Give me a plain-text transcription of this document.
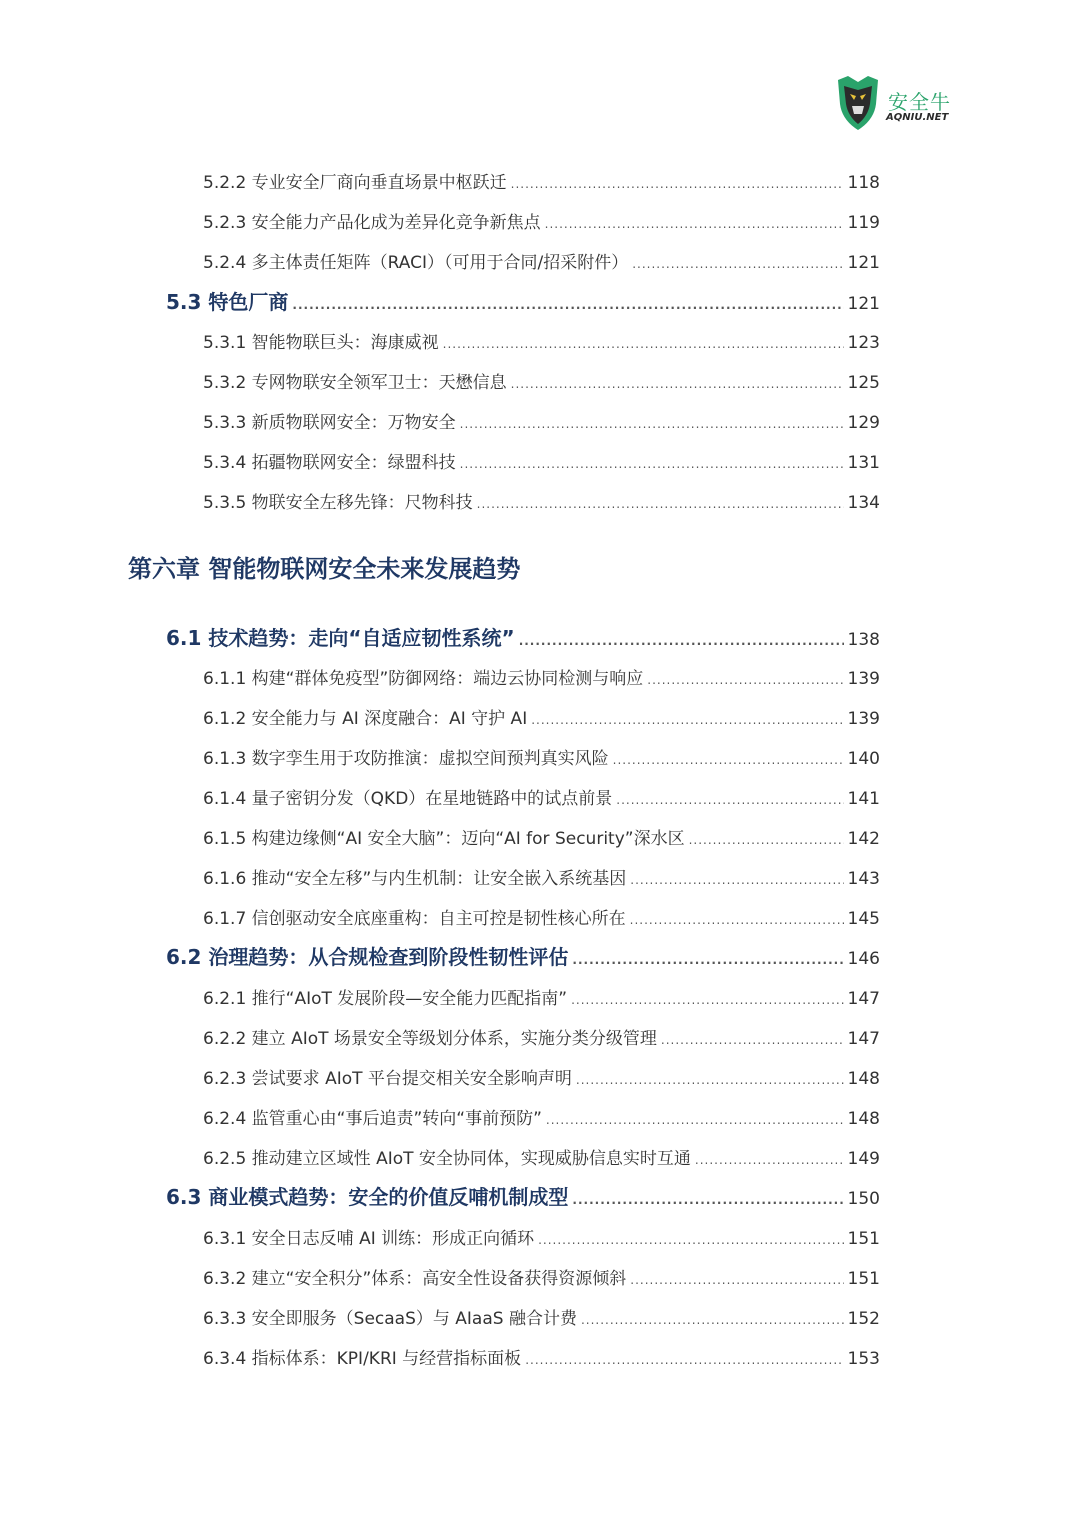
安全牛
AQNIU.NET
第六章 智能物联网安全未来发展趋势
5.2.2 专业安全厂商向垂直场景中枢跃迁 .....	118
5.2.3 安全能力产品化成为差异化竞争新焦点 .....	119
5.2.4 多主体责任矩阵（RACI）（可用于合同/招采附件） .....	121
5.3 特色厂商 .....	121
5.3.1 智能物联巨头：海康威视 .....	123
5.3.2 专网物联安全领军卫士：天懋信息 .....	125
5.3.3 新质物联网安全：万物安全 .....	129
5.3.4 拓疆物联网安全：绿盟科技 .....	131
5.3.5 物联安全左移先锋：尺物科技 .....	134
6.1 技术趋势：走向“自适应韧性系统” .....	138
6.1.1 构建“群体免疫型”防御网络：端边云协同检测与响应 .....	139
6.1.2 安全能力与 AI 深度融合：AI 守护 AI .....	139
6.1.3 数字孪生用于攻防推演：虚拟空间预判真实风险 .....	140
6.1.4 量子密钥分发（QKD）在星地链路中的试点前景 .....	141
6.1.5 构建边缘侧“AI 安全大脑”：迈向“AI for Security”深水区 .....	142
6.1.6 推动“安全左移”与内生机制：让安全嵌入系统基因 .....	143
6.1.7 信创驱动安全底座重构：自主可控是韧性核心所在 .....	145
6.2 治理趋势：从合规检查到阶段性韧性评估 .....	146
6.2.1 推行“AIoT 发展阶段—安全能力匹配指南” .....	147
6.2.2 建立 AIoT 场景安全等级划分体系，实施分类分级管理 .....	147
6.2.3 尝试要求 AIoT 平台提交相关安全影响声明 .....	148
6.2.4 监管重心由“事后追责”转向“事前预防” .....	148
6.2.5 推动建立区域性 AIoT 安全协同体，实现威胁信息实时互通 .....	149
6.3 商业模式趋势：安全的价值反哺机制成型 .....	150
6.3.1 安全日志反哺 AI 训练：形成正向循环 .....	151
6.3.2 建立“安全积分”体系：高安全性设备获得资源倾斜 .....	151
6.3.3 安全即服务（SecaaS）与 AIaaS 融合计费 .....	152
6.3.4 指标体系：KPI/KRI 与经营指标面板 .....	153
